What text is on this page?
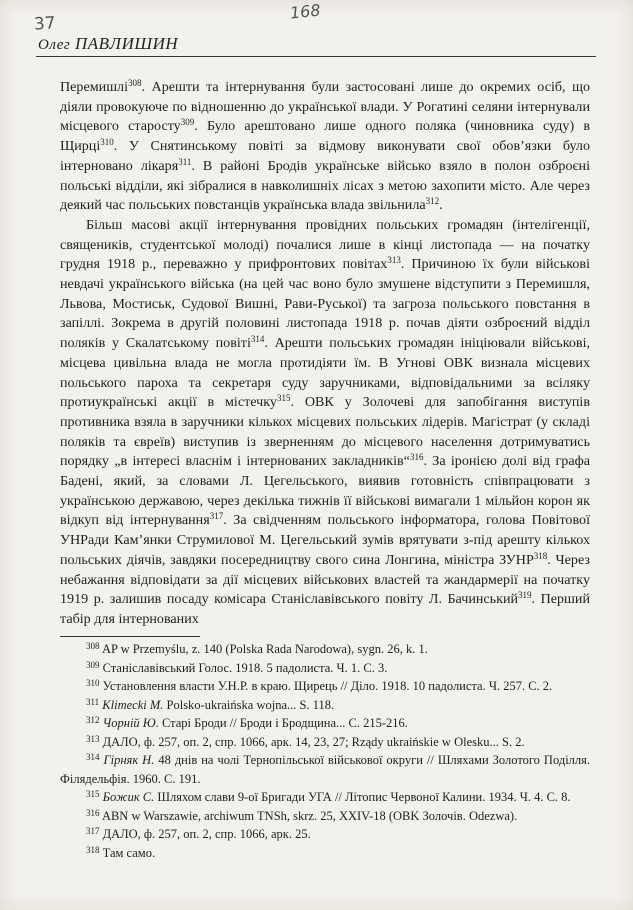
37
168
Олег ПАВЛИШИН

Перемишлі$^{308}$. Арешти та інтернування були застосовані лише до окремих осіб, що діяли провокуюче по відношенню до української влади. У Рогатині селяни інтернували місцевого старосту$^{309}$. Було арештовано лише одного поляка (чиновника суду) в Щирці$^{310}$. У Снятинському повіті за відмову виконувати свої обов’язки було інтерновано лікаря$^{311}$. В районі Бродів українське військо взяло в полон озброєні польські відділи, які зібралися в навколишніх лісах з метою захопити місто. Але через деякий час польських повстанців українська влада звільнила$^{312}$.

Більш масові акції інтернування провідних польських громадян (інтелігенції, священиків, студентської молоді) почалися лише в кінці листопада — на початку грудня 1918 р., переважно у прифронтових повітах$^{313}$. Причиною їх були військові невдачі українського війська (на цей час воно було змушене відступити з Перемишля, Львова, Мостиськ, Судової Вишні, Рави-Руської) та загроза польського повстання в запіллі. Зокрема в другій половині листопада 1918 р. почав діяти озброєний відділ поляків у Скалатському повіті$^{314}$. Арешти польських громадян ініціювали військові, місцева цивільна влада не могла протидіяти їм. В Угнові ОВК визнала місцевих польського пароха та секретаря суду заручниками, відповідальними за всіляку протиукраїнські акції в містечку$^{315}$. ОВК у Золочеві для запобігання виступів противника взяла в заручники кількох місцевих польських лідерів. Магістрат (у складі поляків та євреїв) виступив із зверненням до місцевого населення дотримуватись порядку „в інтересі власнім і інтернованих закладників“$^{316}$. За іронією долі від графа Бадені, який, за словами Л. Цегельського, виявив готовність співпрацювати з українською державою, через декілька тижнів її військові вимагали 1 мільйон корон як відкуп від інтернування$^{317}$. За свідченням польського інформатора, голова Повітової УНРади Кам’янки Струмилової М. Цегельський зумів врятувати з-під арешту кількох польських діячів, завдяки посередництву свого сина Лонгина, міністра ЗУНР$^{318}$. Через небажання відповідати за дії місцевих військових властей та жандармерії на початку 1919 р. залишив посаду комісара Станіславівського повіту Л. Бачинський$^{319}$. Перший табір для інтернованих

$^{308}$ AP w Przemyślu, z. 140 (Polska Rada Narodowa), sygn. 26, k. 1.
$^{309}$ Станіславівський Голос. 1918. 5 падолиста. Ч. 1. С. 3.
$^{310}$ Установлення власти У.Н.Р. в краю. Щирець // Діло. 1918. 10 падолиста. Ч. 257. С. 2.
$^{311}$ Klimecki M. Polsko-ukraińska wojna... S. 118.
$^{312}$ Чорній Ю. Старі Броди // Броди і Бродщина... С. 215-216.
$^{313}$ ДАЛО, ф. 257, оп. 2, спр. 1066, арк. 14, 23, 27; Rządy ukraińskie w Olesku... S. 2.
$^{314}$ Гірняк Н. 48 днів на чолі Тернопільської військової округи // Шляхами Золотого Поділля. Філядельфія. 1960. С. 191.
$^{315}$ Божик С. Шляхом слави 9-ої Бригади УГА // Літопис Червоної Калини. 1934. Ч. 4. С. 8.
$^{316}$ ABN w Warszawie, archiwum TNSh, skrz. 25, XXIV-18 (OBK Золочів. Odezwa).
$^{317}$ ДАЛО, ф. 257, оп. 2, спр. 1066, арк. 25.
$^{318}$ Там само.
